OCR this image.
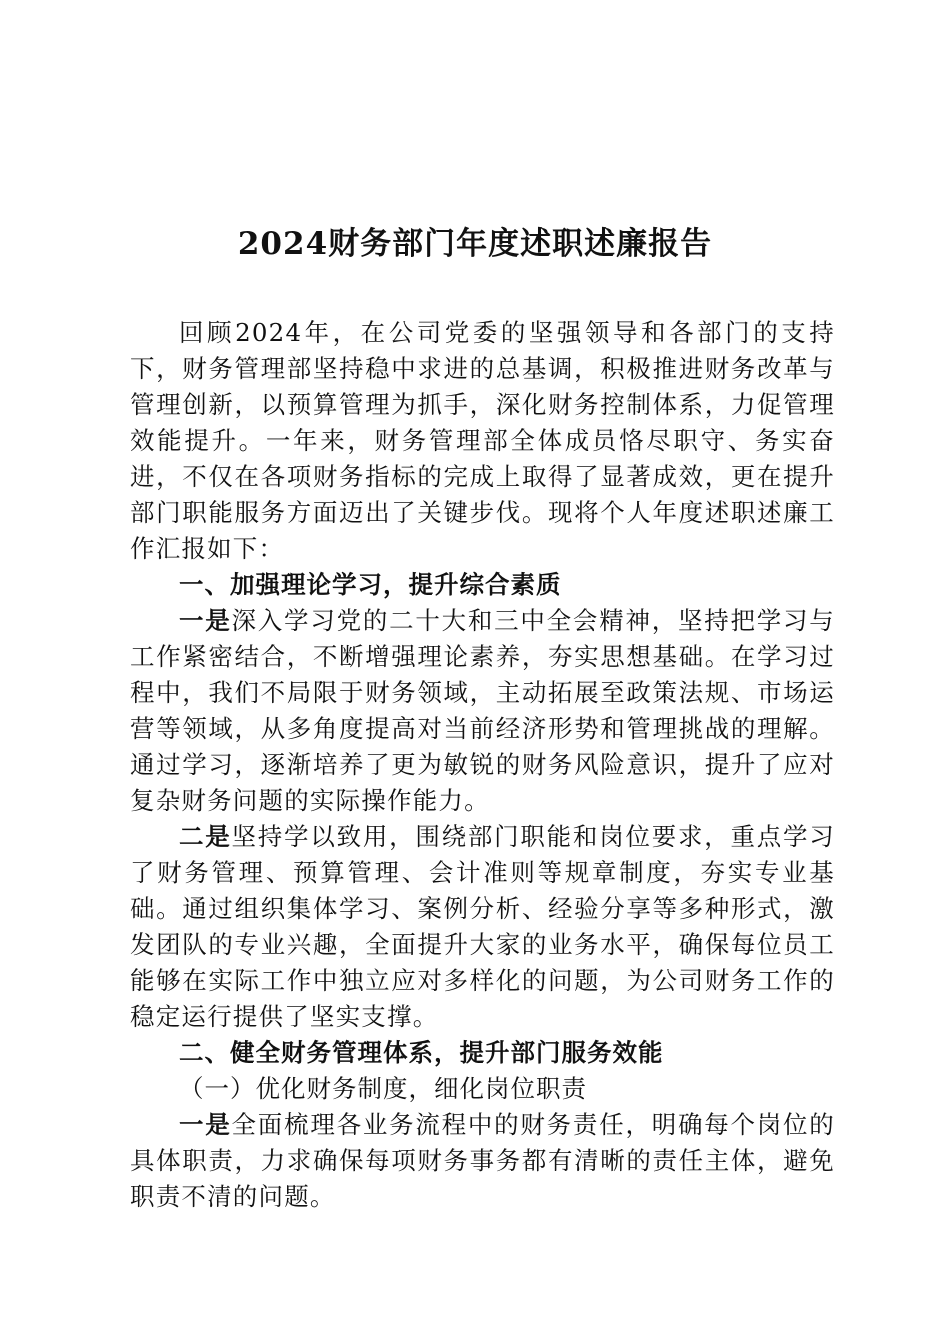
2024财务部门年度述职述廉报告

回顾2024年，在公司党委的坚强领导和各部门的支持下，财务管理部坚持稳中求进的总基调，积极推进财务改革与管理创新，以预算管理为抓手，深化财务控制体系，力促管理效能提升。一年来，财务管理部全体成员恪尽职守、务实奋进，不仅在各项财务指标的完成上取得了显著成效，更在提升部门职能服务方面迈出了关键步伐。现将个人年度述职述廉工作汇报如下：

一、加强理论学习，提升综合素质

一是深入学习党的二十大和三中全会精神，坚持把学习与工作紧密结合，不断增强理论素养，夯实思想基础。在学习过程中，我们不局限于财务领域，主动拓展至政策法规、市场运营等领域，从多角度提高对当前经济形势和管理挑战的理解。通过学习，逐渐培养了更为敏锐的财务风险意识，提升了应对复杂财务问题的实际操作能力。

二是坚持学以致用，围绕部门职能和岗位要求，重点学习了财务管理、预算管理、会计准则等规章制度，夯实专业基础。通过组织集体学习、案例分析、经验分享等多种形式，激发团队的专业兴趣，全面提升大家的业务水平，确保每位员工能够在实际工作中独立应对多样化的问题，为公司财务工作的稳定运行提供了坚实支撑。

二、健全财务管理体系，提升部门服务效能

（一）优化财务制度，细化岗位职责

一是全面梳理各业务流程中的财务责任，明确每个岗位的具体职责，力求确保每项财务事务都有清晰的责任主体，避免职责不清的问题。
